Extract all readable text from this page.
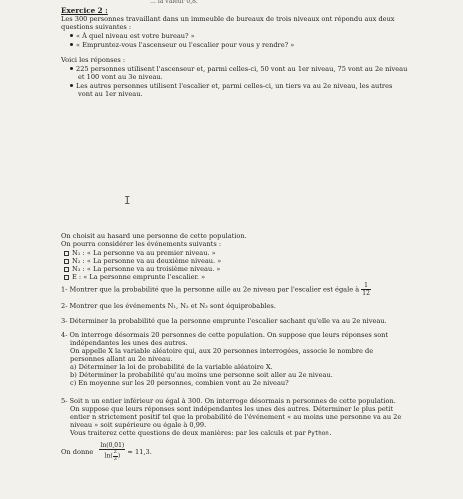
… la valeur 0,8.
Exercice 2 :
Les 300 personnes travaillant dans un immeuble de bureaux de trois niveaux ont répondu aux deux
questions suivantes :
« À quel niveau est votre bureau? »
« Empruntez-vous l'ascenseur ou l'escalier pour vous y rendre? »
Voici les réponses :
225 personnes utilisent l'ascenseur et, parmi celles-ci, 50 vont au 1er niveau, 75 vont au 2e niveau
et 100 vont au 3e niveau.
Les autres personnes utilisent l'escalier et, parmi celles-ci, un tiers va au 2e niveau, les autres
vont au 1er niveau.
I
On choisit au hasard une personne de cette population.
On pourra considérer les événements suivants :
N₁ : « La personne va au premier niveau. »
N₂ : « La personne va au deuxième niveau. »
N₃ : « La personne va au troisième niveau. »
E : « La personne emprunte l'escalier. »
1- Montrer que la probabilité que la personne aille au 2e niveau par l'escalier est égale à $\frac{1}{12}$
2- Montrer que les événements N₁, N₂ et N₃ sont équiprobables.
3- Déterminer la probabilité que la personne emprunte l'escalier sachant qu'elle va au 2e niveau.
4- On interroge désormais 20 personnes de cette population. On suppose que leurs réponses sont
indépendantes les unes des autres.
On appelle X la variable aléatoire qui, aux 20 personnes interrogées, associe le nombre de
personnes allant au 2e niveau.
a) Déterminer la loi de probabilité de la variable aléatoire X.
b) Déterminer la probabilité qu'au moins une personne soit aller au 2e niveau.
c) En moyenne sur les 20 personnes, combien vont au 2e niveau?
5- Soit n un entier inférieur ou égal à 300. On interroge désormais n personnes de cette population.
On suppose que leurs réponses sont indépendantes les unes des autres. Déterminer le plus petit
entier n strictement positif tel que la probabilité de l'événement « au moins une personne va au 2e
niveau » soit supérieure ou égale à 0,99.
Vous traiterez cette questions de deux manières: par les calculs et par Python.
On donne $\frac{\ln(0,01)}{\ln( \frac{2}{3} )} \approx 11,3$.
